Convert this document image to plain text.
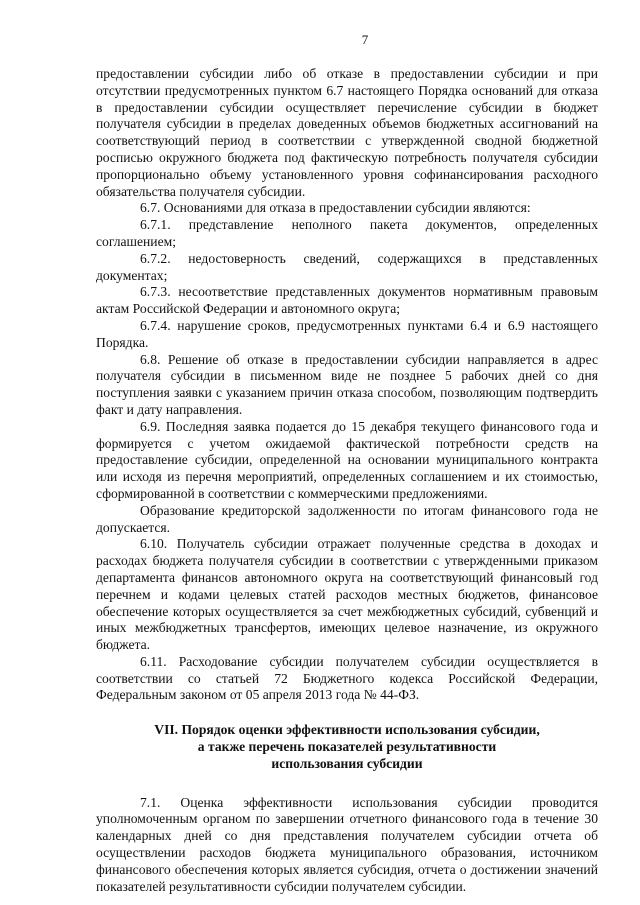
7

предоставлении субсидии либо об отказе в предоставлении субсидии и при отсутствии предусмотренных пунктом 6.7 настоящего Порядка оснований для отказа в предоставлении субсидии осуществляет перечисление субсидии в бюджет получателя субсидии в пределах доведенных объемов бюджетных ассигнований на соответствующий период в соответствии с утвержденной сводной бюджетной росписью окружного бюджета под фактическую потребность получателя субсидии пропорционально объему установленного уровня софинансирования расходного обязательства получателя субсидии.

6.7. Основаниями для отказа в предоставлении субсидии являются:

6.7.1. представление неполного пакета документов, определенных соглашением;

6.7.2. недостоверность сведений, содержащихся в представленных документах;

6.7.3. несоответствие представленных документов нормативным правовым актам Российской Федерации и автономного округа;

6.7.4. нарушение сроков, предусмотренных пунктами 6.4 и 6.9 настоящего Порядка.

6.8. Решение об отказе в предоставлении субсидии направляется в адрес получателя субсидии в письменном виде не позднее 5 рабочих дней со дня поступления заявки с указанием причин отказа способом, позволяющим подтвердить факт и дату направления.

6.9. Последняя заявка подается до 15 декабря текущего финансового года и формируется с учетом ожидаемой фактической потребности средств на предоставление субсидии, определенной на основании муниципального контракта или исходя из перечня мероприятий, определенных соглашением и их стоимостью, сформированной в соответствии с коммерческими предложениями.

Образование кредиторской задолженности по итогам финансового года не допускается.

6.10. Получатель субсидии отражает полученные средства в доходах и расходах бюджета получателя субсидии в соответствии с утвержденными приказом департамента финансов автономного округа на соответствующий финансовый год перечнем и кодами целевых статей расходов местных бюджетов, финансовое обеспечение которых осуществляется за счет межбюджетных субсидий, субвенций и иных межбюджетных трансфертов, имеющих целевое назначение, из окружного бюджета.

6.11. Расходование субсидии получателем субсидии осуществляется в соответствии со статьей 72 Бюджетного кодекса Российской Федерации, Федеральным законом от 05 апреля 2013 года № 44-ФЗ.

VII. Порядок оценки эффективности использования субсидии,
а также перечень показателей результативности
использования субсидии

7.1. Оценка эффективности использования субсидии проводится уполномоченным органом по завершении отчетного финансового года в течение 30 календарных дней со дня представления получателем субсидии отчета об осуществлении расходов бюджета муниципального образования, источником финансового обеспечения которых является субсидия, отчета о достижении значений показателей результативности субсидии получателем субсидии.
